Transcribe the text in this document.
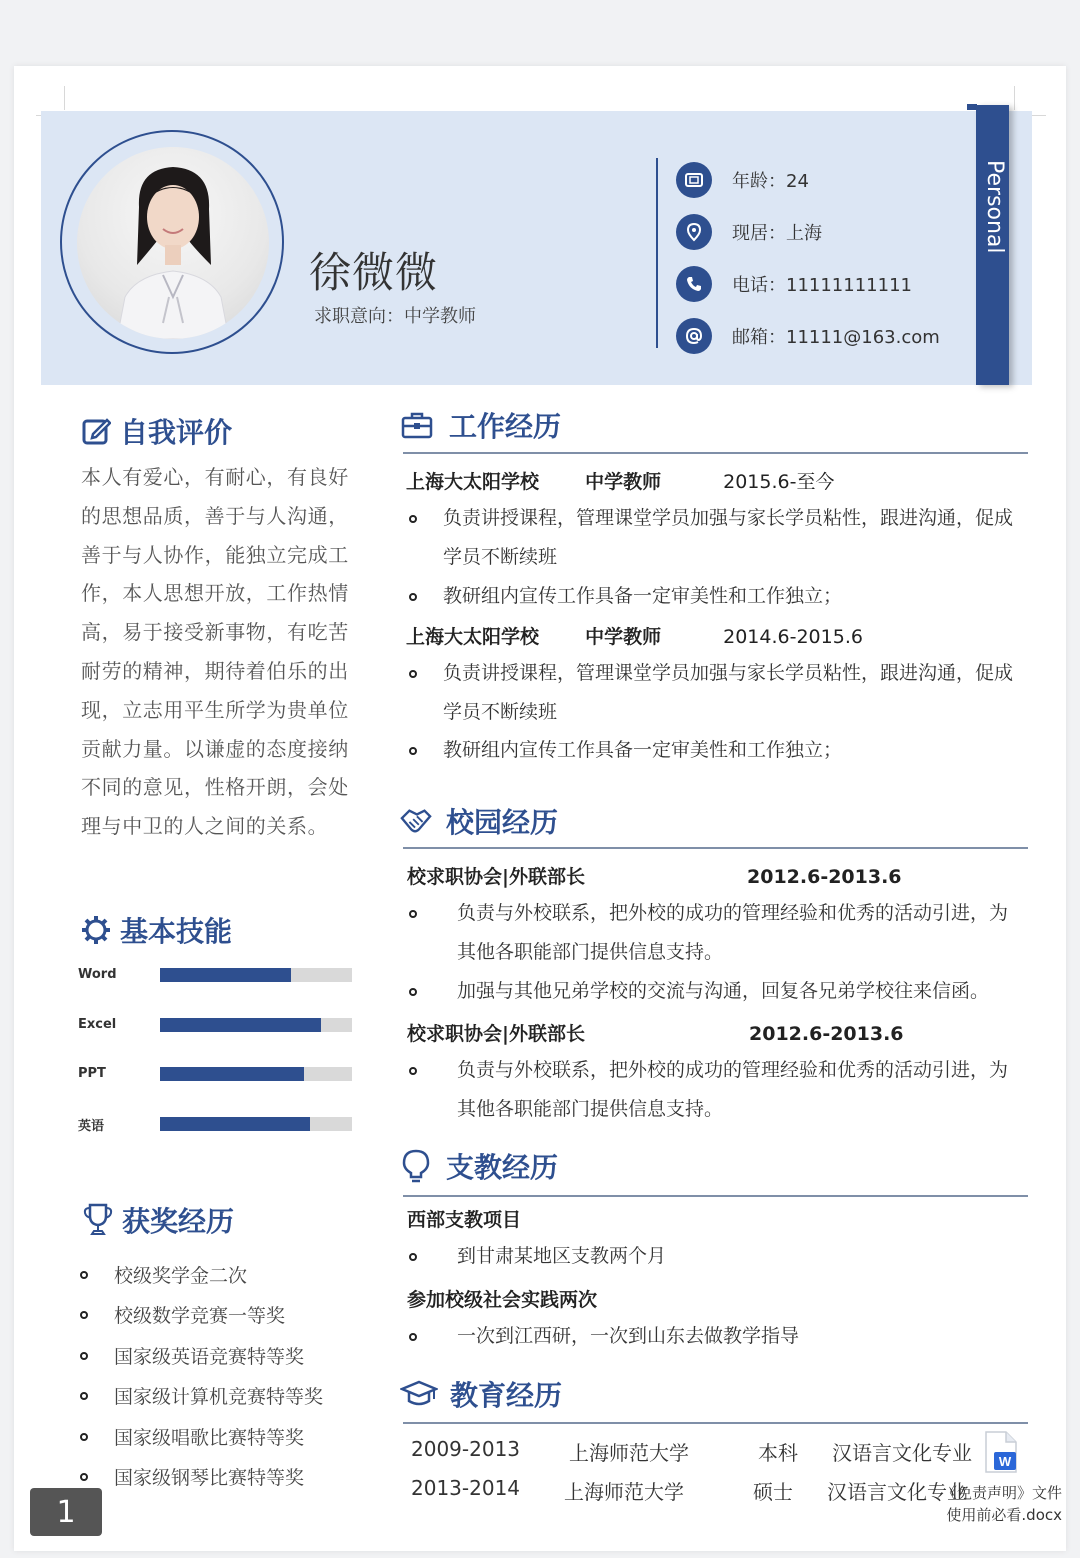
徐微微
求职意向：中学教师
年龄：24
现居：上海
电话：11111111111
邮箱：11111@163.com
Personal
自我评价
本人有爱心，有耐心，有良好
的思想品质，善于与人沟通，
善于与人协作，能独立完成工
作，本人思想开放，工作热情
高，易于接受新事物，有吃苦
耐劳的精神，期待着伯乐的出
现，立志用平生所学为贵单位
贡献力量。以谦虚的态度接纳
不同的意见，性格开朗，会处
理与中卫的人之间的关系。
基本技能
Word
Excel
PPT
英语
获奖经历
校级奖学金二次
校级数学竞赛一等奖
国家级英语竞赛特等奖
国家级计算机竞赛特等奖
国家级唱歌比赛特等奖
国家级钢琴比赛特等奖
工作经历
上海大太阳学校 中学教师	2015.6-至今
负责讲授课程，管理课堂学员加强与家长学员粘性，跟进沟通，促成
学员不断续班
教研组内宣传工作具备一定审美性和工作独立；
上海大太阳学校 中学教师	2014.6-2015.6
负责讲授课程，管理课堂学员加强与家长学员粘性，跟进沟通，促成
学员不断续班
教研组内宣传工作具备一定审美性和工作独立；
校园经历
校求职协会|外联部长	2012.6-2013.6
负责与外校联系，把外校的成功的管理经验和优秀的活动引进，为
其他各职能部门提供信息支持。
加强与其他兄弟学校的交流与沟通，回复各兄弟学校往来信函。
校求职协会|外联部长	2012.6-2013.6
负责与外校联系，把外校的成功的管理经验和优秀的活动引进，为
其他各职能部门提供信息支持。
支教经历
西部支教项目
到甘肃某地区支教两个月
参加校级社会实践两次
一次到江西研，一次到山东去做教学指导
教育经历
2009-2013 上海师范大学	本科 汉语言文化专业
2013-2014 上海师范大学	硕士 汉语言文化专业
1
W
《免责声明》文件
使用前必看.docx
